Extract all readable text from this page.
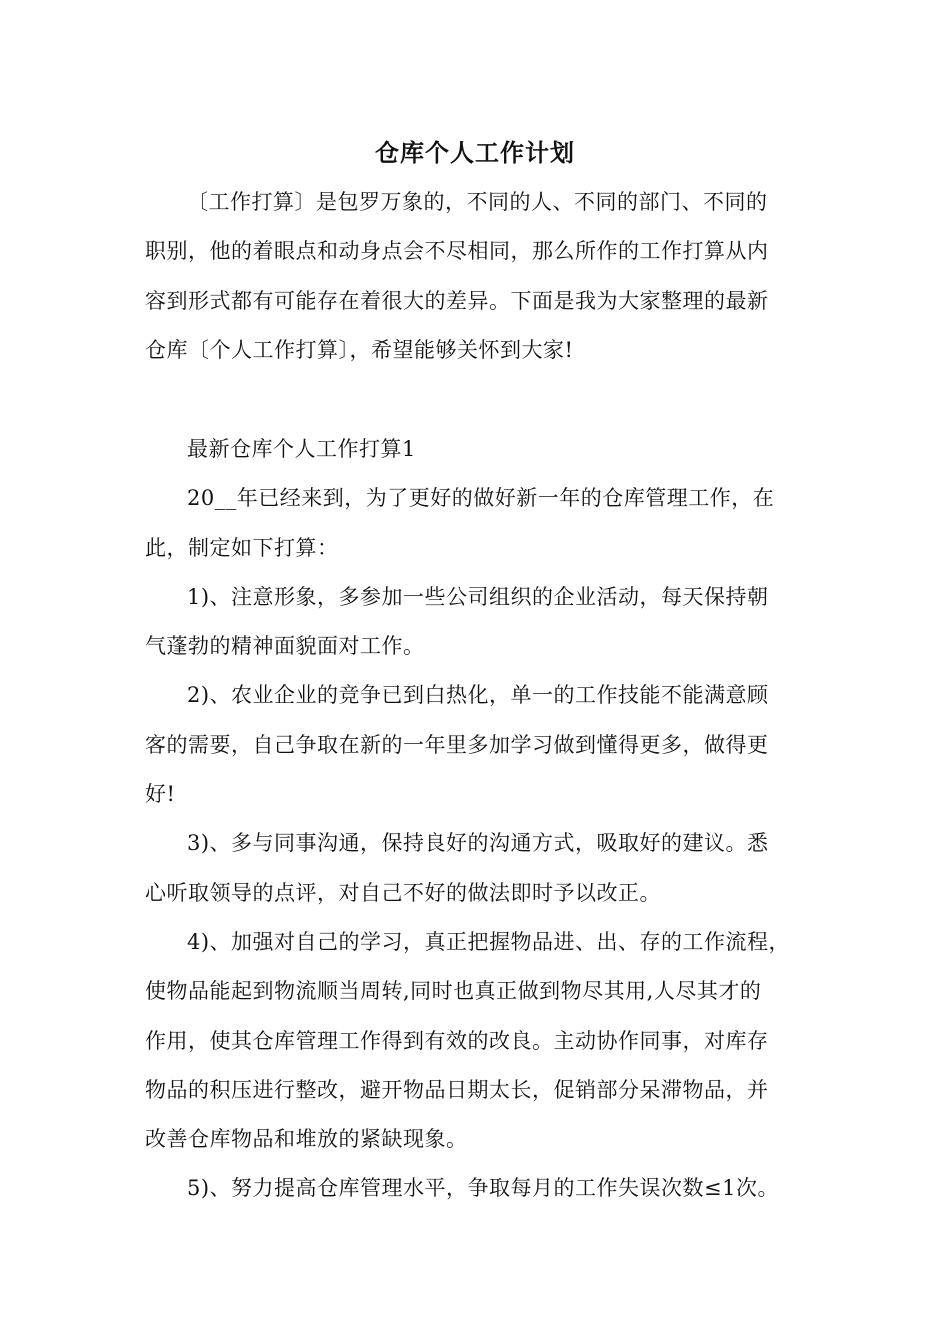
仓库个人工作计划

〔工作打算〕是包罗万象的，不同的人、不同的部门、不同的
职别，他的着眼点和动身点会不尽相同，那么所作的工作打算从内
容到形式都有可能存在着很大的差异。下面是我为大家整理的最新
仓库〔个人工作打算〕，希望能够关怀到大家!

最新仓库个人工作打算1

20__年已经来到，为了更好的做好新一年的仓库管理工作，在
此，制定如下打算：

1)、注意形象，多参加一些公司组织的企业活动，每天保持朝
气蓬勃的精神面貌面对工作。

2)、农业企业的竞争已到白热化，单一的工作技能不能满意顾
客的需要，自己争取在新的一年里多加学习做到懂得更多，做得更
好!

3)、多与同事沟通，保持良好的沟通方式，吸取好的建议。悉
心听取领导的点评，对自己不好的做法即时予以改正。

4)、加强对自己的学习，真正把握物品进、出、存的工作流程，
使物品能起到物流顺当周转,同时也真正做到物尽其用,人尽其才的
作用，使其仓库管理工作得到有效的改良。主动协作同事，对库存
物品的积压进行整改，避开物品日期太长，促销部分呆滞物品，并
改善仓库物品和堆放的紧缺现象。

5)、努力提高仓库管理水平，争取每月的工作失误次数≤1次。
